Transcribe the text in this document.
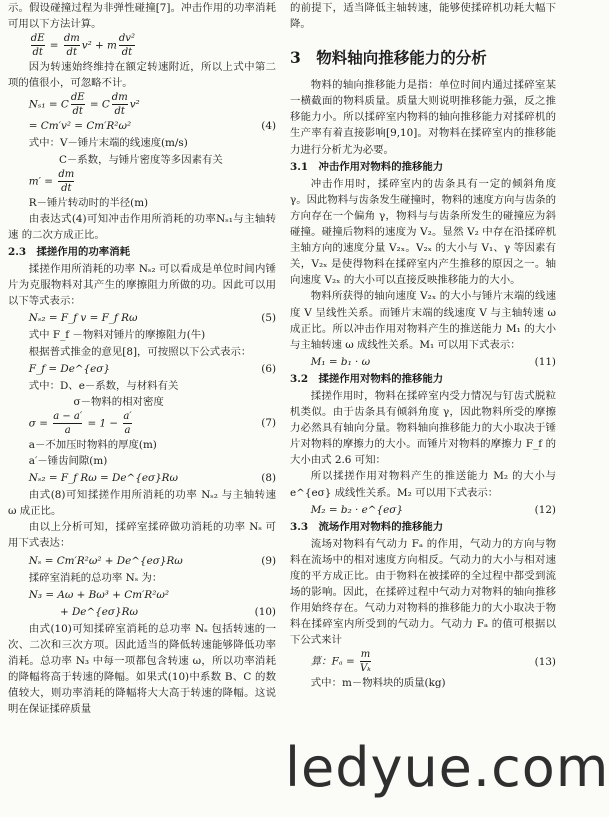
示。假设碰撞过程为非弹性碰撞[7]。冲击作用的功率消耗可用以下方法计算。

$\frac{dE}{dt} = \frac{dm}{dt} v^2 + m \frac{\text{dv²}}{dt}$

因为转速始终维持在额定转速附近，所以上式中第二项的值很小，可忽略不计。

Nₛ₁ = C $\frac{dE}{dt} = C \frac{dm}{dt} v^2$
= Cm′v² = Cm′R²ω²	(4)

式中：V－锤片末端的线速度(m/s)

C－系数，与锤片密度等多因素有关

$m' = \frac{dm}{dt}$

R－锤片转动时的半径(m)

由表达式(4)可知冲击作用所消耗的功率Nₛ₁与主轴转速 的二次方成正比。

2.3　揉搓作用的功率消耗

揉搓作用所消耗的功率 Nₛ₂ 可以看成是单位时间内锤片为克服物料对其产生的摩擦阻力所做的功。因此可以用以下等式表示：

Nₛ₂ = F_f v = F_f Rω	(5)

式中 F_f －物料对锤片的摩擦阻力(牛)

根据普式推金的意见[8]，可按照以下公式表示：

F_f = De^{eσ}	(6)

式中：D、e－系数，与材料有关

σ－物料的相对密度

$\sigma = \frac{a - a'}{a} = 1 - \frac{a'}{a}$	(7)

a－不加压时物料的厚度(m)

a′－锤齿间隙(m)

Nₛ₂ = F_f Rω = De^{eσ}Rω	(8)

由式(8)可知揉搓作用所消耗的功率 Nₛ₂ 与主轴转速 ω 成正比。

由以上分析可知，揉碎室揉碎做功消耗的功率 Nₛ 可用下式表达：

Nₛ = Cm′R²ω² + De^{eσ}Rω	(9)

揉碎室消耗的总功率 Nₛ 为：

N₃ = Aω + Bω³ + Cm′R²ω²
　　　+ De^{eσ}Rω	(10)

由式(10)可知揉碎室消耗的总功率 Nₛ 包括转速的一次、二次和三次方项。因此适当的降低转速能够降低功率消耗。总功率 N₃ 中每一项都包含转速 ω，所以功率消耗的降幅将高于转速的降幅。如果式(10)中系数 B、C 的数值较大，则功率消耗的降幅将大大高于转速的降幅。这说明在保证揉碎质量

的前提下，适当降低主轴转速，能够使揉碎机功耗大幅下降。

3　物料轴向推移能力的分析

物料的轴向推移能力是指：单位时间内通过揉碎室某一横截面的物料质量。质量大则说明推移能力强，反之推移能力小。所以揉碎室内物料的轴向推移能力对揉碎机的生产率有着直接影响[9,10]。对物料在揉碎室内的推移能力进行分析尤为必要。

3.1　冲击作用对物料的推移能力

冲击作用时，揉碎室内的齿条具有一定的倾斜角度 γ。因此物料与齿条发生碰撞时，物料的速度方向与齿条的方向存在一个偏角 γ，物料与与齿条所发生的碰撞应为斜碰撞。碰撞后物料的速度为 V₂。显然 V₂ 中存在沿揉碎机主轴方向的速度分量 V₂ₓ。V₂ₓ 的大小与 V₁、γ 等因素有关，V₂ₓ 是使得物料在揉碎室内产生推移的原因之一。轴向速度 V₂ₓ 的大小可以直接反映推移能力的大小。

物料所获得的轴向速度 V₂ₓ 的大小与锤片末端的线速度 V 呈线性关系。而锤片末端的线速度 V 与主轴转速 ω 成正比。所以冲击作用对物料产生的推送能力 M₁ 的大小与主轴转速 ω 成线性关系。M₁ 可以用下式表示：

M₁ = b₁ · ω	(11)
3.2　揉搓作用对物料的推移能力

揉搓作用时，物料在揉碎室内受力情况与钉齿式脱粒机类似。由于齿条具有倾斜角度 γ，因此物料所受的摩擦力必然具有轴向分量。物料轴向推移能力的大小取决于锤片对物料的摩擦力的大小。而锤片对物料的摩擦力 F_f 的大小由式 2.6 可知：

所以揉搓作用对物料产生的推送能力 M₂ 的大小与 e^{eσ} 成线性关系。M₂ 可以用下式表示：

M₂ = b₂ · e^{eσ}	(12)
3.3　流场作用对物料的推移能力

流场对物料有气动力 Fₐ 的作用，气动力的方向与物料在流场中的相对速度方向相反。气动力的大小与相对速度的平方成正比。由于物料在被揉碎的全过程中都受到流场的影响。因此，在揉碎过程中气动力对物料的轴向推移作用始终存在。气动力对物料的推移能力的大小取决于物料在揉碎室内所受到的气动力。气动力 Fₐ 的值可根据以下公式来计

算：$F_a = \frac{m}{\text{Vₖ}}$	(13)

式中：m－物料块的质量(kg)

ledyue.com
